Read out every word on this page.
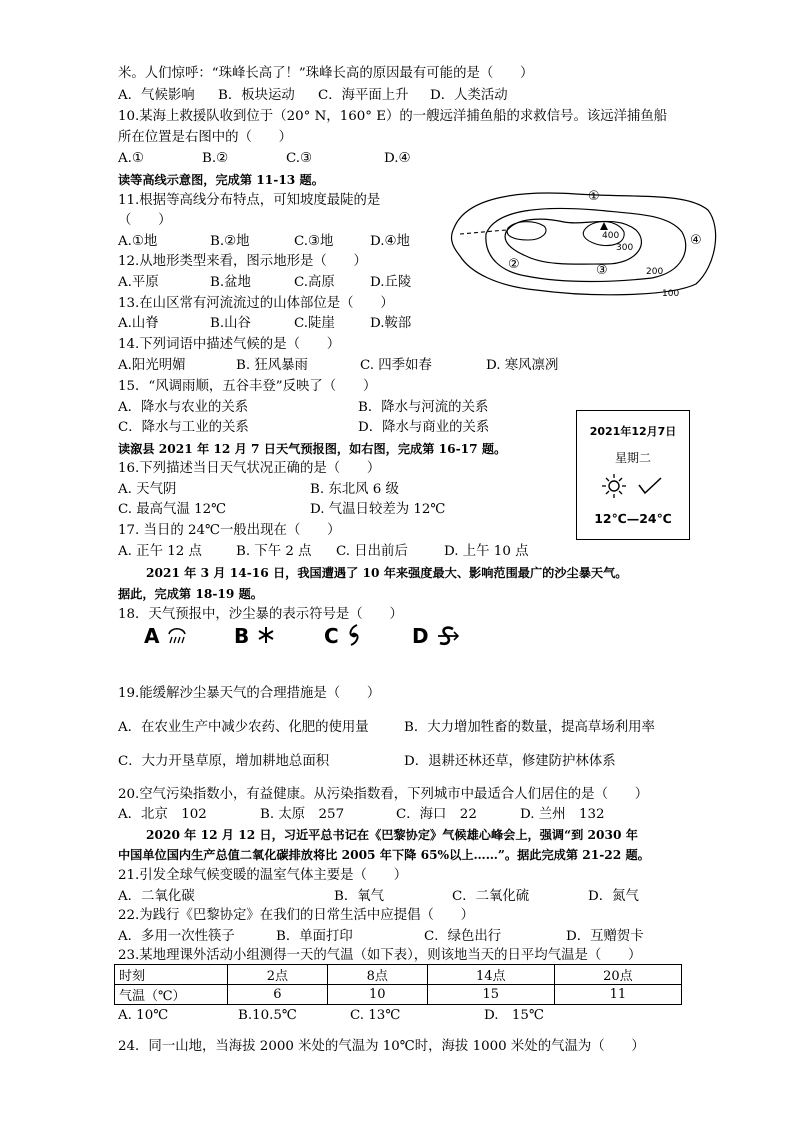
米。人们惊呼：“珠峰长高了！”珠峰长高的原因最有可能的是（　　）
A．气候影响 B．板块运动 C．海平面上升 D．人类活动
10.某海上救援队收到位于（20° N，160° E）的一艘远洋捕鱼船的求救信号。该远洋捕鱼船
所在位置是右图中的（　　）
A.①	B.②	C.③	D.④
读等高线示意图，完成第 11-13 题。
11.根据等高线分布特点，可知坡度最陡的是
（　　）
A.①地	B.②地	C.③地	D.④地
12.从地形类型来看，图示地形是（　　）
A.平原	B.盆地	C.高原	D.丘陵
13.在山区常有河流流过的山体部位是（　　）
A.山脊	B.山谷	C.陡崖	D.鞍部
400
300
200
100
①
②	③
④
14.下列词语中描述气候的是（　　）
A.阳光明媚	B. 狂风暴雨	C. 四季如春	D. 寒风凛冽
15．“风调雨顺，五谷丰登”反映了（　　）
A．降水与农业的关系	B．降水与河流的关系
C．降水与工业的关系	D．降水与商业的关系	2021年12月7日
星期二
12℃—24℃
读溆县 2021 年 12 月 7 日天气预报图，如右图，完成第 16-17 题。
16.下列描述当日天气状况正确的是（　　）
A. 天气阴	B. 东北风 6 级
C. 最高气温 12℃	D. 气温日较差为 12℃
17. 当日的 24℃一般出现在（　　）
A. 正午 12 点	B. 下午 2 点 C. 日出前后	D. 上午 10 点
2021 年 3 月 14-16 日，我国遭遇了 10 年来强度最大、影响范围最广的沙尘暴天气。
据此，完成第 18-19 题。
18．天气预报中，沙尘暴的表示符号是（　　）
A	B	C	D
19.能缓解沙尘暴天气的合理措施是（　　）
A．在农业生产中减少农药、化肥的使用量	B．大力增加牲畜的数量，提高草场利用率
C．大力开垦草原，增加耕地总面积	D．退耕还林还草，修建防护林体系
20.空气污染指数小，有益健康。从污染指数看，下列城市中最适合人们居住的是（　　）
A．北京　102	B. 太原　257	C．海口　22	D. 兰州　132
2020 年 12 月 12 日，习近平总书记在《巴黎协定》气候雄心峰会上，强调“到 2030 年
中国单位国内生产总值二氧化碳排放将比 2005 年下降 65%以上……”。据此完成第 21-22 题。
21.引发全球气候变暖的温室气体主要是（　　）
A．二氧化碳	B．氧气	C．二氧化硫	D．氮气
22.为践行《巴黎协定》在我们的日常生活中应提倡（　　）
A．多用一次性筷子	B．单面打印	C．绿色出行	D．互赠贺卡
23.某地理课外活动小组测得一天的气温（如下表），则该地当天的日平均气温是（　　）
时刻	2点	8点	14点	20点
气温（℃）	6	10	15	11
A. 10℃	B.10.5℃	C. 13℃	D.　15℃
24．同一山地，当海拔 2000 米处的气温为 10℃时，海拔 1000 米处的气温为（　　）
